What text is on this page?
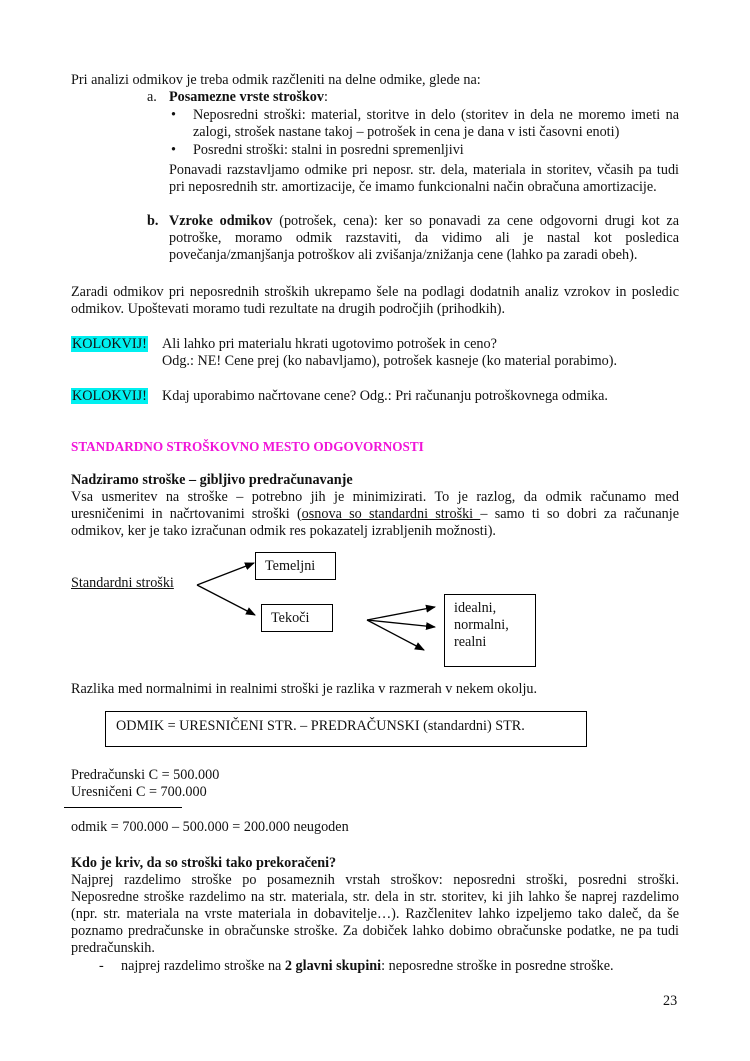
Pri analizi odmikov je treba odmik razčleniti na delne odmike, glede na:
a. Posamezne vrste stroškov:
• Neposredni stroški: material, storitve in delo (storitev in dela ne moremo imeti na zalogi, strošek nastane takoj – potrošek in cena je dana v isti časovni enoti)
• Posredni stroški: stalni in posredni spremenljivi
Ponavadi razstavljamo odmike pri neposr. str. dela, materiala in storitev, včasih pa tudi pri neposrednih str. amortizacije, če imamo funkcionalni način obračuna amortizacije.
b. Vzroke odmikov (potrošek, cena): ker so ponavadi za cene odgovorni drugi kot za potroške, moramo odmik razstaviti, da vidimo ali je nastal kot posledica povečanja/zmanjšanja potroškov ali zvišanja/znižanja cene (lahko pa zaradi obeh).
Zaradi odmikov pri neposrednih stroških ukrepamo šele na podlagi dodatnih analiz vzrokov in posledic odmikov. Upoštevati moramo tudi rezultate na drugih področjih (prihodkih).
KOLOKVIJ! Ali lahko pri materialu hkrati ugotovimo potrošek in ceno?
Odg.: NE! Cene prej (ko nabavljamo), potrošek kasneje (ko material porabimo).
KOLOKVIJ! Kdaj uporabimo načrtovane cene? Odg.: Pri računanju potroškovnega odmika.
STANDARDNO STROŠKOVNO MESTO ODGOVORNOSTI
Nadziramo stroške – gibljivo predračunavanje
Vsa usmeritev na stroške – potrebno jih je minimizirati. To je razlog, da odmik računamo med uresničenimi in načrtovanimi stroški (osnova so standardni stroški – samo ti so dobri za računanje odmikov, ker je tako izračunan odmik res pokazatelj izrabljenih možnosti).
Standardni stroški
Temeljni
Tekoči
idealni,
normalni,
realni
Razlika med normalnimi in realnimi stroški je razlika v razmerah v nekem okolju.
ODMIK = URESNIČENI STR. – PREDRAČUNSKI (standardni) STR.
Predračunski C = 500.000
Uresničeni C = 700.000
odmik = 700.000 – 500.000 = 200.000 neugoden
Kdo je kriv, da so stroški tako prekoračeni?
Najprej razdelimo stroške po posameznih vrstah stroškov: neposredni stroški, posredni stroški. Neposredne stroške razdelimo na str. materiala, str. dela in str. storitev, ki jih lahko še naprej razdelimo (npr. str. materiala na vrste materiala in dobavitelje…). Razčlenitev lahko izpeljemo tako daleč, da še poznamo predračunske in obračunske stroške. Za dobiček lahko dobimo obračunske podatke, ne pa tudi predračunskih.
- najprej razdelimo stroške na 2 glavni skupini: neposredne stroške in posredne stroške.
23
